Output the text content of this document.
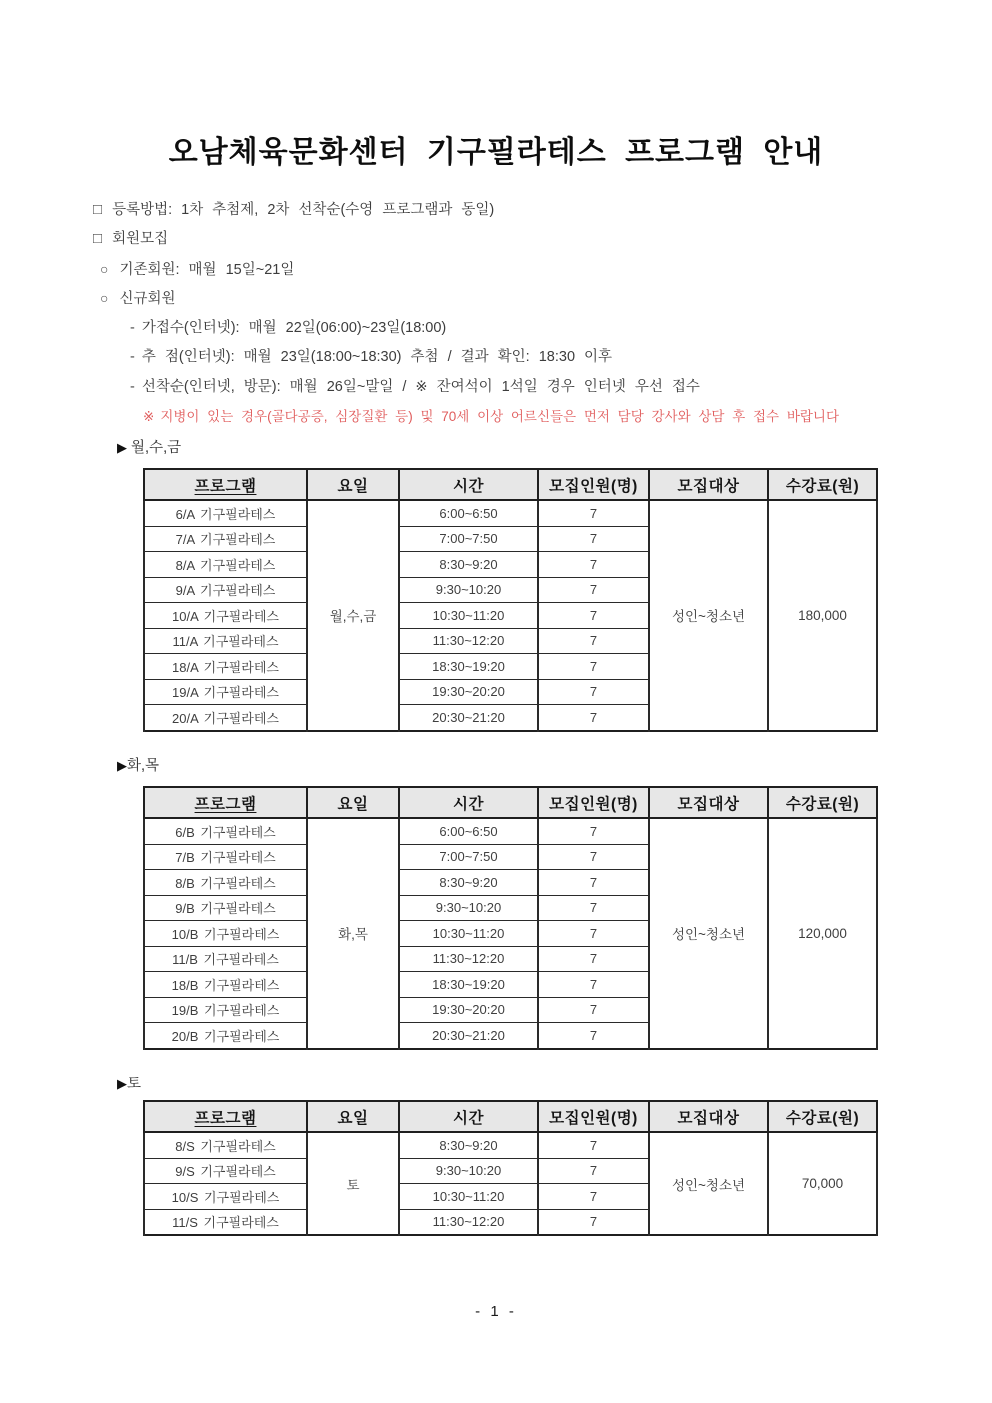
오남체육문화센터 기구필라테스 프로그램 안내
□ 등록방법: 1차 추첨제, 2차 선착순(수영 프로그램과 동일)
□ 회원모집
○ 기존회원: 매월 15일~21일
○ 신규회원
- 가접수(인터넷): 매월 22일(06:00)~23일(18:00)
- 추 점(인터넷): 매월 23일(18:00~18:30) 추첨 / 결과 확인: 18:30 이후
- 선착순(인터넷, 방문): 매월 26일~말일 / ※ 잔여석이 1석일 경우 인터넷 우선 접수
※ 지병이 있는 경우(골다공증, 심장질환 등) 및 70세 이상 어르신들은 먼저 담당 강사와 상담 후 접수 바랍니다
▶ 월,수,금
프로그램	요일	시간	모집인원(명)	모집대상	수강료(원)
6/A 기구필라테스	월,수,금	6:00~6:50	7	성인~청소년	180,000
7/A 기구필라테스		7:00~7:50	7		
8/A 기구필라테스		8:30~9:20	7		
9/A 기구필라테스		9:30~10:20	7		
10/A 기구필라테스		10:30~11:20	7		
11/A 기구필라테스		11:30~12:20	7		
18/A 기구필라테스		18:30~19:20	7		
19/A 기구필라테스		19:30~20:20	7		
20/A 기구필라테스		20:30~21:20	7		
▶화,목
프로그램	요일	시간	모집인원(명)	모집대상	수강료(원)
6/B 기구필라테스	화,목	6:00~6:50	7	성인~청소년	120,000
7/B 기구필라테스		7:00~7:50	7		
8/B 기구필라테스		8:30~9:20	7		
9/B 기구필라테스		9:30~10:20	7		
10/B 기구필라테스		10:30~11:20	7		
11/B 기구필라테스		11:30~12:20	7		
18/B 기구필라테스		18:30~19:20	7		
19/B 기구필라테스		19:30~20:20	7		
20/B 기구필라테스		20:30~21:20	7		
▶토
프로그램	요일	시간	모집인원(명)	모집대상	수강료(원)
8/S 기구필라테스	토	8:30~9:20	7	성인~청소년	70,000
9/S 기구필라테스		9:30~10:20	7		
10/S 기구필라테스		10:30~11:20	7		
11/S 기구필라테스		11:30~12:20	7		
- 1 -
